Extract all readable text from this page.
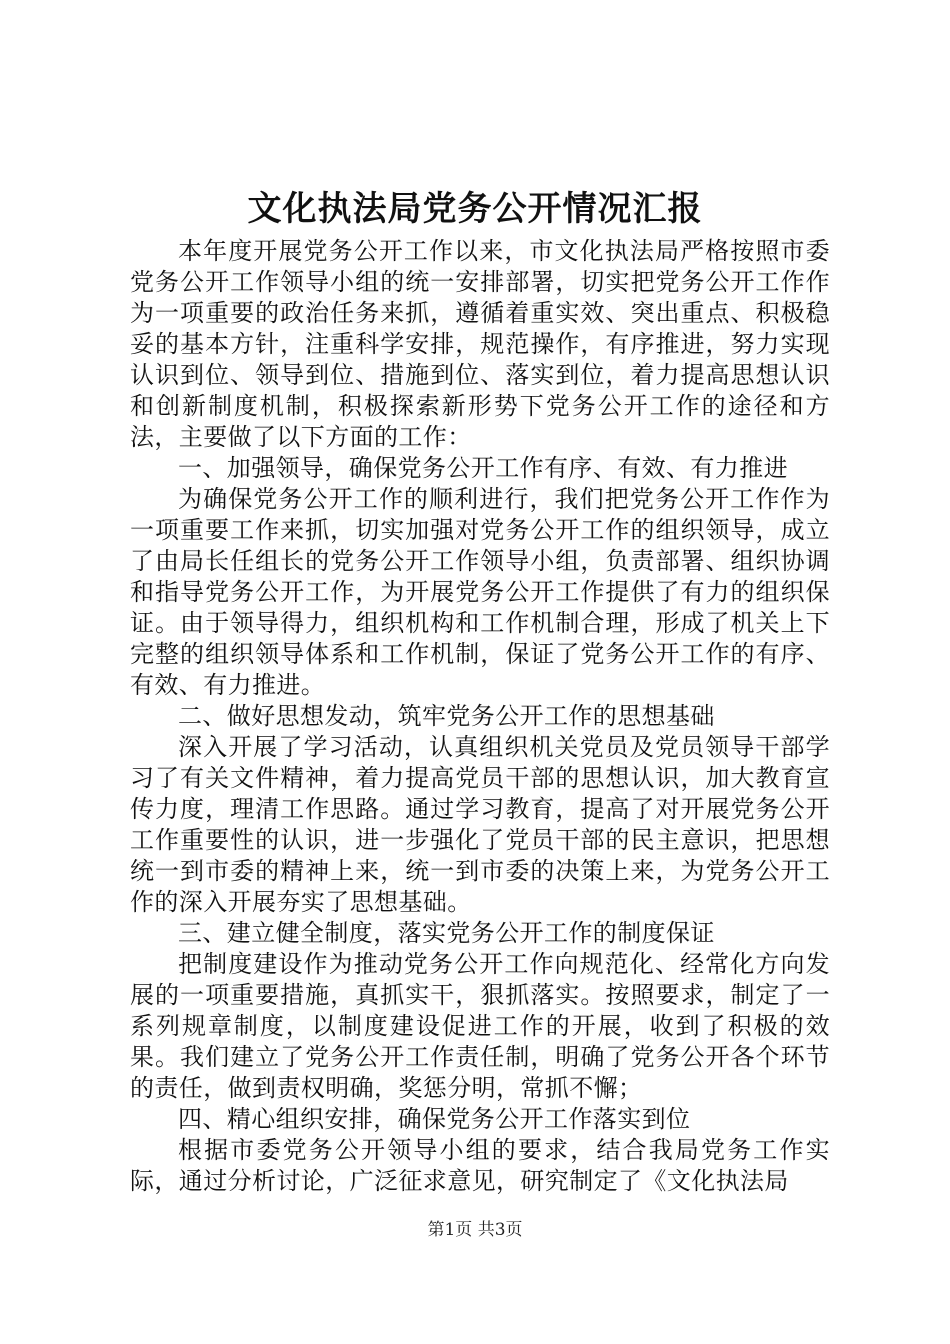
文化执法局党务公开情况汇报

本年度开展党务公开工作以来，市文化执法局严格按照市委党务公开工作领导小组的统一安排部署，切实把党务公开工作作为一项重要的政治任务来抓，遵循着重实效、突出重点、积极稳妥的基本方针，注重科学安排，规范操作，有序推进，努力实现认识到位、领导到位、措施到位、落实到位，着力提高思想认识和创新制度机制，积极探索新形势下党务公开工作的途径和方法，主要做了以下方面的工作：

一、加强领导，确保党务公开工作有序、有效、有力推进

为确保党务公开工作的顺利进行，我们把党务公开工作作为一项重要工作来抓，切实加强对党务公开工作的组织领导，成立了由局长任组长的党务公开工作领导小组，负责部署、组织协调和指导党务公开工作，为开展党务公开工作提供了有力的组织保证。由于领导得力，组织机构和工作机制合理，形成了机关上下完整的组织领导体系和工作机制，保证了党务公开工作的有序、有效、有力推进。

二、做好思想发动，筑牢党务公开工作的思想基础

深入开展了学习活动，认真组织机关党员及党员领导干部学习了有关文件精神，着力提高党员干部的思想认识，加大教育宣传力度，理清工作思路。通过学习教育，提高了对开展党务公开工作重要性的认识，进一步强化了党员干部的民主意识，把思想统一到市委的精神上来，统一到市委的决策上来，为党务公开工作的深入开展夯实了思想基础。

三、建立健全制度，落实党务公开工作的制度保证

把制度建设作为推动党务公开工作向规范化、经常化方向发展的一项重要措施，真抓实干，狠抓落实。按照要求，制定了一系列规章制度，以制度建设促进工作的开展，收到了积极的效果。我们建立了党务公开工作责任制，明确了党务公开各个环节的责任，做到责权明确，奖惩分明，常抓不懈；

四、精心组织安排，确保党务公开工作落实到位

根据市委党务公开领导小组的要求，结合我局党务工作实际，通过分析讨论，广泛征求意见，研究制定了《文化执法局

第1页 共3页
